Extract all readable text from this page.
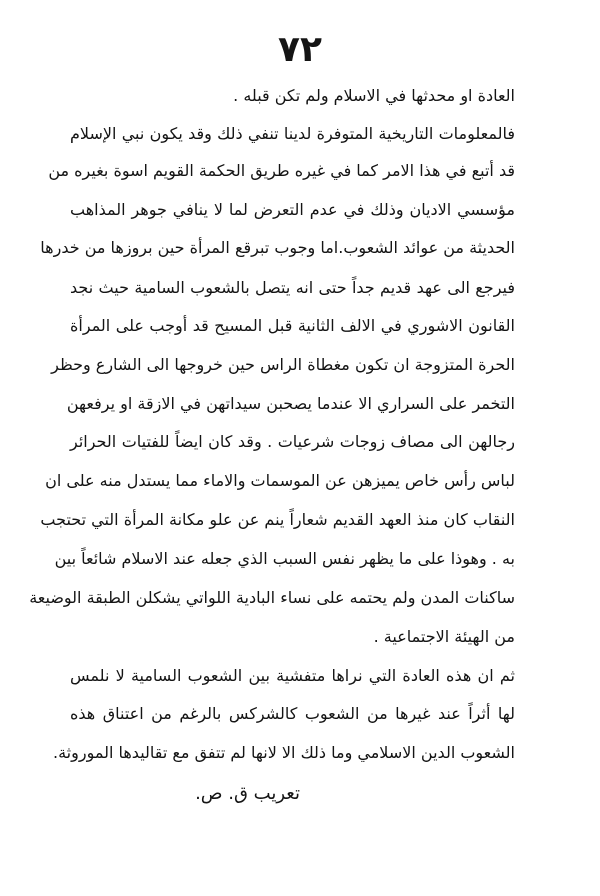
٧٢
العادة او محدثها في الاسلام ولم تكن قبله .
فالمعلومات التاريخية المتوفرة لدينا تنفي ذلك وقد يكون نبي الإسلام
قد أتبع في هذا الامر كما في غيره طريق الحكمة القويم اسوة بغيره من
مؤسسي الاديان وذلك في عدم التعرض لما لا ينافي جوهر المذاهب
الحديثة من عوائد الشعوب.اما وجوب تبرقع المرأة حين بروزها من خدرها
فيرجع الى عهد قديم جداً حتى انه يتصل بالشعوب السامية حيث نجد
القانون الاشوري في الالف الثانية قبل المسيح قد أوجب على المرأة
الحرة المتزوجة ان تكون مغطاة الراس حين خروجها الى الشارع وحظر
التخمر على السراري الا عندما يصحبن سيداتهن في الازقة او يرفعهن
رجالهن الى مصاف زوجات شرعيات . وقد كان ايضاً للفتيات الحرائر
لباس رأس خاص يميزهن عن الموسمات والاماء مما يستدل منه على ان
النقاب كان منذ العهد القديم شعاراً ينم عن علو مكانة المرأة التي تحتجب
به . وهوذا على ما يظهر نفس السبب الذي جعله عند الاسلام شائعاً بين
ساكنات المدن ولم يحتمه على نساء البادية اللواتي يشكلن الطبقة الوضيعة
من الهيئة الاجتماعية .
ثم ان هذه العادة التي نراها متفشية بين الشعوب السامية لا نلمس
لها أثراً عند غيرها من الشعوب كالشركس بالرغم من اعتناق هذه
الشعوب الدين الاسلامي وما ذلك الا لانها لم تتفق مع تقاليدها الموروثة.
تعريب ق. ص.
